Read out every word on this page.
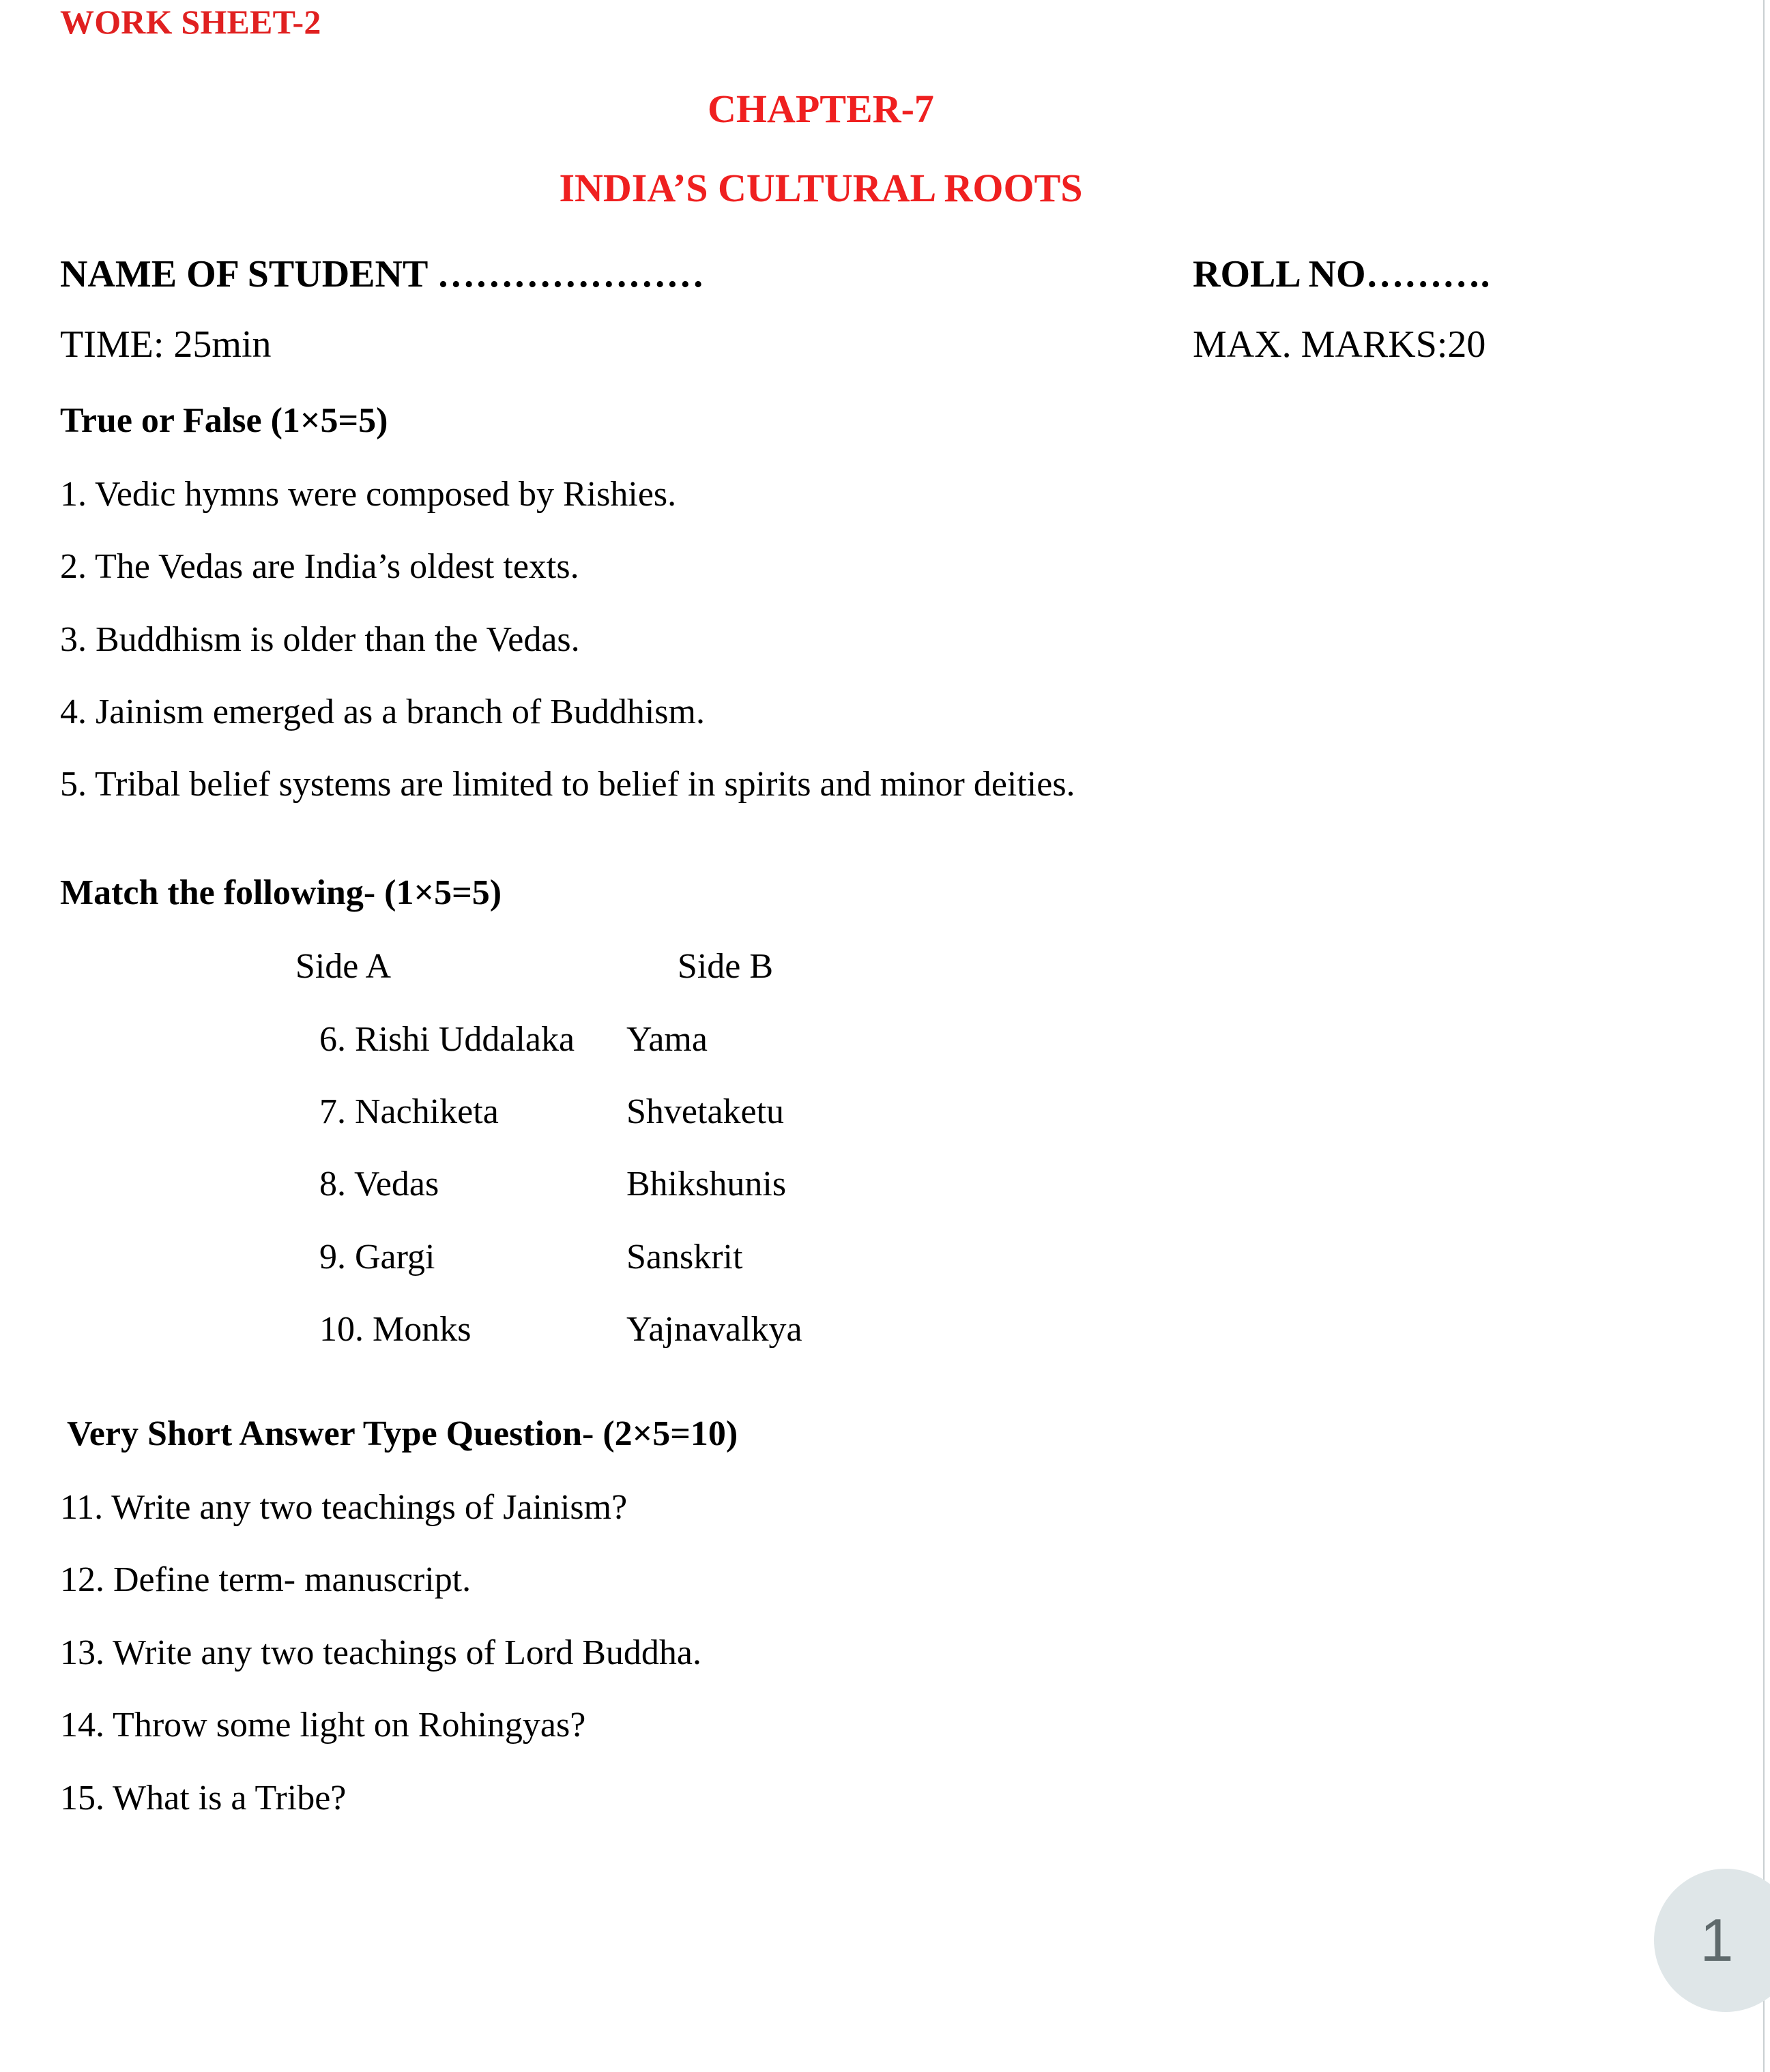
WORK SHEET-2
CHAPTER-7
INDIA’S CULTURAL ROOTS
NAME OF STUDENT …………………	ROLL NO……….
TIME: 25min	MAX. MARKS:20
True or False (1×5=5)
1. Vedic hymns were composed by Rishies.
2. The Vedas are India’s oldest texts.
3. Buddhism is older than the Vedas.
4. Jainism emerged as a branch of Buddhism.
5. Tribal belief systems are limited to belief in spirits and minor deities.
Match the following- (1×5=5)
Side A	Side B
6. Rishi Uddalaka	Yama
7. Nachiketa	Shvetaketu
8. Vedas	Bhikshunis
9. Gargi	Sanskrit
10. Monks	Yajnavalkya
Very Short Answer Type Question- (2×5=10)
11. Write any two teachings of Jainism?
12. Define term- manuscript.
13. Write any two teachings of Lord Buddha.
14. Throw some light on Rohingyas?
15. What is a Tribe?
1
